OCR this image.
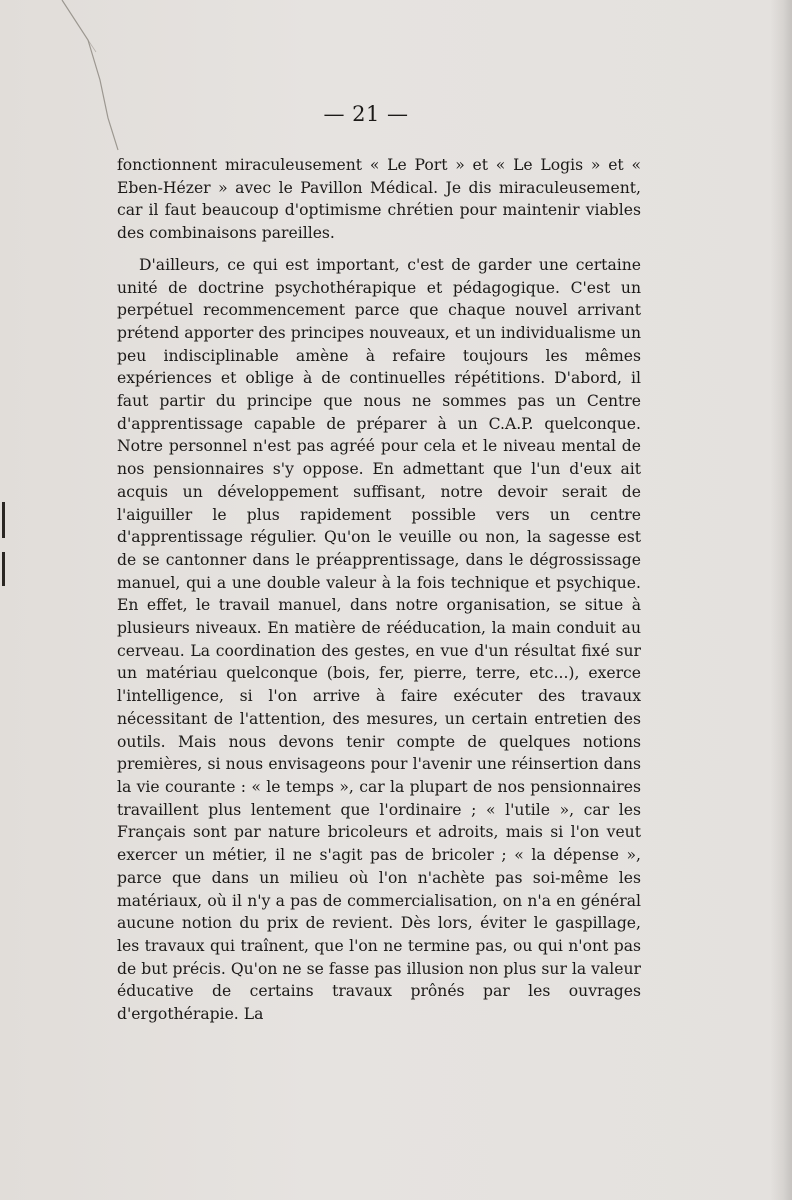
— 21 —

fonctionnent miraculeusement « Le Port » et « Le Logis » et « Eben-Hézer » avec le Pavillon Médical. Je dis miraculeusement, car il faut beaucoup d'optimisme chrétien pour maintenir viables des combinaisons pareilles.

D'ailleurs, ce qui est important, c'est de garder une certaine unité de doctrine psychothérapique et pédagogique. C'est un perpétuel recommencement parce que chaque nouvel arrivant prétend apporter des principes nouveaux, et un individualisme un peu indisciplinable amène à refaire toujours les mêmes expériences et oblige à de continuelles répétitions. D'abord, il faut partir du principe que nous ne sommes pas un Centre d'apprentissage capable de préparer à un C.A.P. quelconque. Notre personnel n'est pas agréé pour cela et le niveau mental de nos pensionnaires s'y oppose. En admettant que l'un d'eux ait acquis un développement suffisant, notre devoir serait de l'aiguiller le plus rapidement possible vers un centre d'apprentissage régulier. Qu'on le veuille ou non, la sagesse est de se cantonner dans le préapprentissage, dans le dégrossissage manuel, qui a une double valeur à la fois technique et psychique. En effet, le travail manuel, dans notre organisation, se situe à plusieurs niveaux. En matière de rééducation, la main conduit au cerveau. La coordination des gestes, en vue d'un résultat fixé sur un matériau quelconque (bois, fer, pierre, terre, etc...), exerce l'intelligence, si l'on arrive à faire exécuter des travaux nécessitant de l'attention, des mesures, un certain entretien des outils. Mais nous devons tenir compte de quelques notions premières, si nous envisageons pour l'avenir une réinsertion dans la vie courante : « le temps », car la plupart de nos pensionnaires travaillent plus lentement que l'ordinaire ; « l'utile », car les Français sont par nature bricoleurs et adroits, mais si l'on veut exercer un métier, il ne s'agit pas de bricoler ; « la dépense », parce que dans un milieu où l'on n'achète pas soi-même les matériaux, où il n'y a pas de commercialisation, on n'a en général aucune notion du prix de revient. Dès lors, éviter le gaspillage, les travaux qui traînent, que l'on ne termine pas, ou qui n'ont pas de but précis. Qu'on ne se fasse pas illusion non plus sur la valeur éducative de certains travaux prônés par les ouvrages d'ergothérapie. La
